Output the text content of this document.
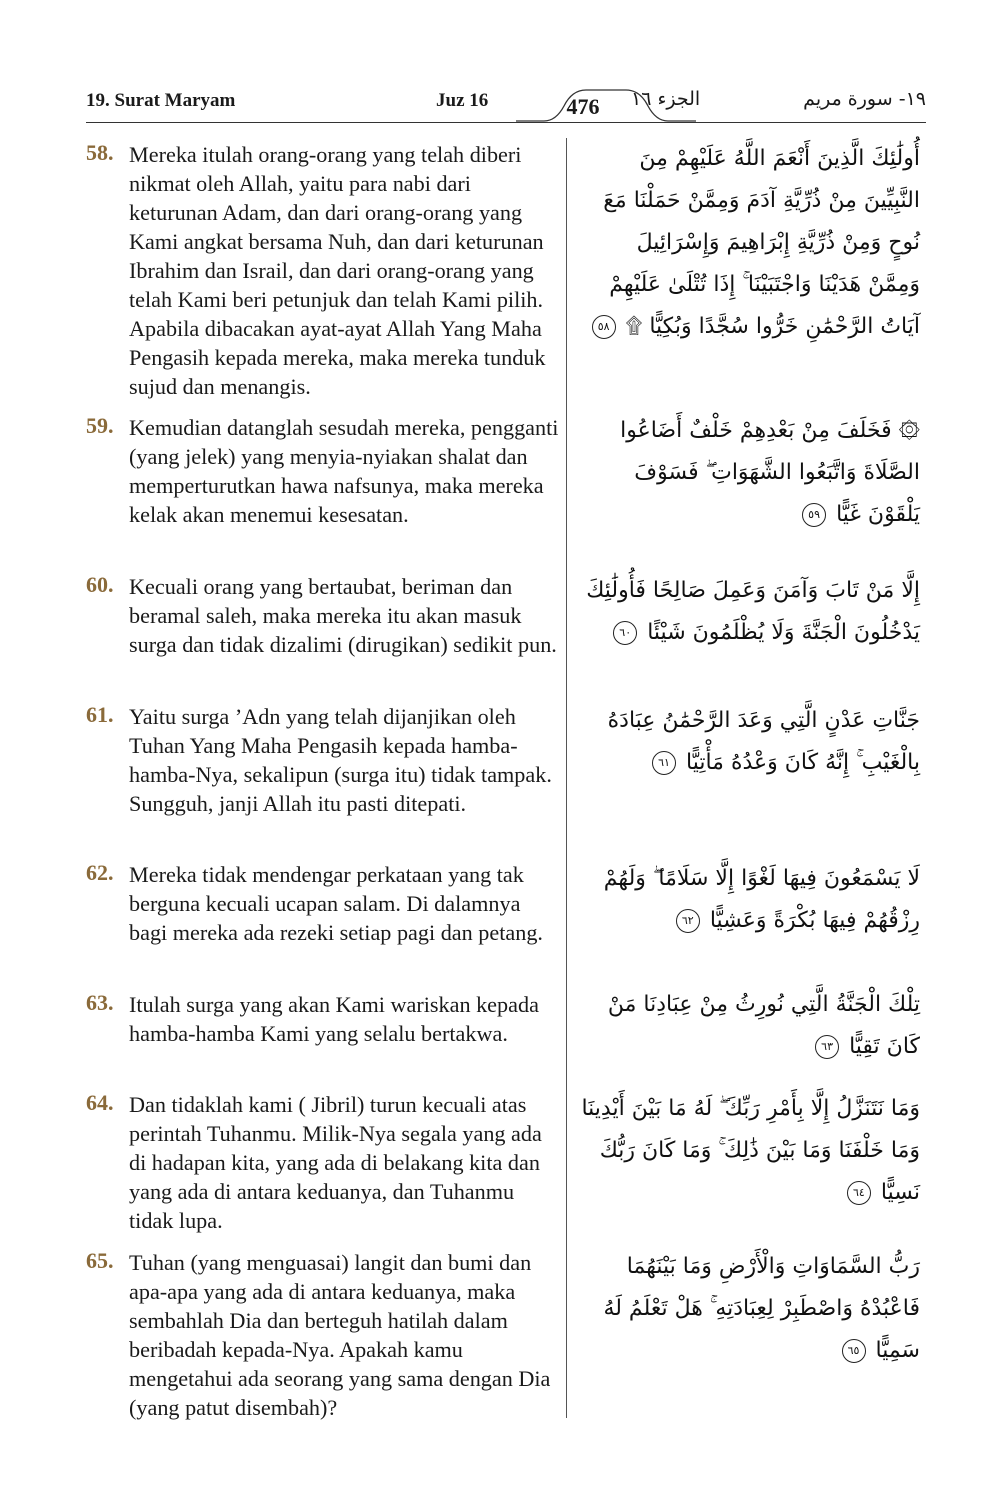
19. Surat Maryam	Juz 16	476	الجزء ١٦	١٩- سورة مريم
58. Mereka itulah orang-orang yang telah diberi nikmat oleh Allah, yaitu para nabi dari keturunan Adam, dan dari orang-orang yang Kami angkat bersama Nuh, dan dari keturunan Ibrahim dan Israil, dan dari orang-orang yang telah Kami beri petunjuk dan telah Kami pilih. Apabila dibacakan ayat-ayat Allah Yang Maha Pengasih kepada mereka, maka mereka tunduk sujud dan menangis.
أُولَٰئِكَ الَّذِينَ أَنْعَمَ اللَّهُ عَلَيْهِمْ مِنَ النَّبِيِّينَ مِنْ ذُرِّيَّةِ آدَمَ وَمِمَّنْ حَمَلْنَا مَعَ نُوحٍ وَمِنْ ذُرِّيَّةِ إِبْرَاهِيمَ وَإِسْرَائِيلَ وَمِمَّنْ هَدَيْنَا وَاجْتَبَيْنَا ۚ إِذَا تُتْلَىٰ عَلَيْهِمْ آيَاتُ الرَّحْمَٰنِ خَرُّوا سُجَّدًا وَبُكِيًّا ۩ ٥٨
59. Kemudian datanglah sesudah mereka, pengganti (yang jelek) yang menyia-nyiakan shalat dan memperturutkan hawa nafsunya, maka mereka kelak akan menemui kesesatan.
۞ فَخَلَفَ مِنْ بَعْدِهِمْ خَلْفٌ أَضَاعُوا الصَّلَاةَ وَاتَّبَعُوا الشَّهَوَاتِ ۖ فَسَوْفَ يَلْقَوْنَ غَيًّا ٥٩
60. Kecuali orang yang bertaubat, beriman dan beramal saleh, maka mereka itu akan masuk surga dan tidak dizalimi (dirugikan) sedikit pun.
إِلَّا مَنْ تَابَ وَآمَنَ وَعَمِلَ صَالِحًا فَأُولَٰئِكَ يَدْخُلُونَ الْجَنَّةَ وَلَا يُظْلَمُونَ شَيْئًا ٦٠
61. Yaitu surga ’Adn yang telah dijanjikan oleh Tuhan Yang Maha Pengasih kepada hamba-hamba-Nya, sekalipun (surga itu) tidak tampak. Sungguh, janji Allah itu pasti ditepati.
جَنَّاتِ عَدْنٍ الَّتِي وَعَدَ الرَّحْمَٰنُ عِبَادَهُ بِالْغَيْبِ ۚ إِنَّهُ كَانَ وَعْدُهُ مَأْتِيًّا ٦١
62. Mereka tidak mendengar perkataan yang tak berguna kecuali ucapan salam. Di dalamnya bagi mereka ada rezeki setiap pagi dan petang.
لَا يَسْمَعُونَ فِيهَا لَغْوًا إِلَّا سَلَامًا ۖ وَلَهُمْ رِزْقُهُمْ فِيهَا بُكْرَةً وَعَشِيًّا ٦٢
63. Itulah surga yang akan Kami wariskan kepada hamba-hamba Kami yang selalu bertakwa.
تِلْكَ الْجَنَّةُ الَّتِي نُورِثُ مِنْ عِبَادِنَا مَنْ كَانَ تَقِيًّا ٦٣
64. Dan tidaklah kami ( Jibril) turun kecuali atas perintah Tuhanmu. Milik-Nya segala yang ada di hadapan kita, yang ada di belakang kita dan yang ada di antara keduanya, dan Tuhanmu tidak lupa.
وَمَا نَتَنَزَّلُ إِلَّا بِأَمْرِ رَبِّكَ ۖ لَهُ مَا بَيْنَ أَيْدِينَا وَمَا خَلْفَنَا وَمَا بَيْنَ ذَٰلِكَ ۚ وَمَا كَانَ رَبُّكَ نَسِيًّا ٦٤
65. Tuhan (yang menguasai) langit dan bumi dan apa-apa yang ada di antara keduanya, maka sembahlah Dia dan berteguh hatilah dalam beribadah kepada-Nya. Apakah kamu mengetahui ada seorang yang sama dengan Dia (yang patut disembah)?
رَبُّ السَّمَاوَاتِ وَالْأَرْضِ وَمَا بَيْنَهُمَا فَاعْبُدْهُ وَاصْطَبِرْ لِعِبَادَتِهِ ۚ هَلْ تَعْلَمُ لَهُ سَمِيًّا ٦٥
